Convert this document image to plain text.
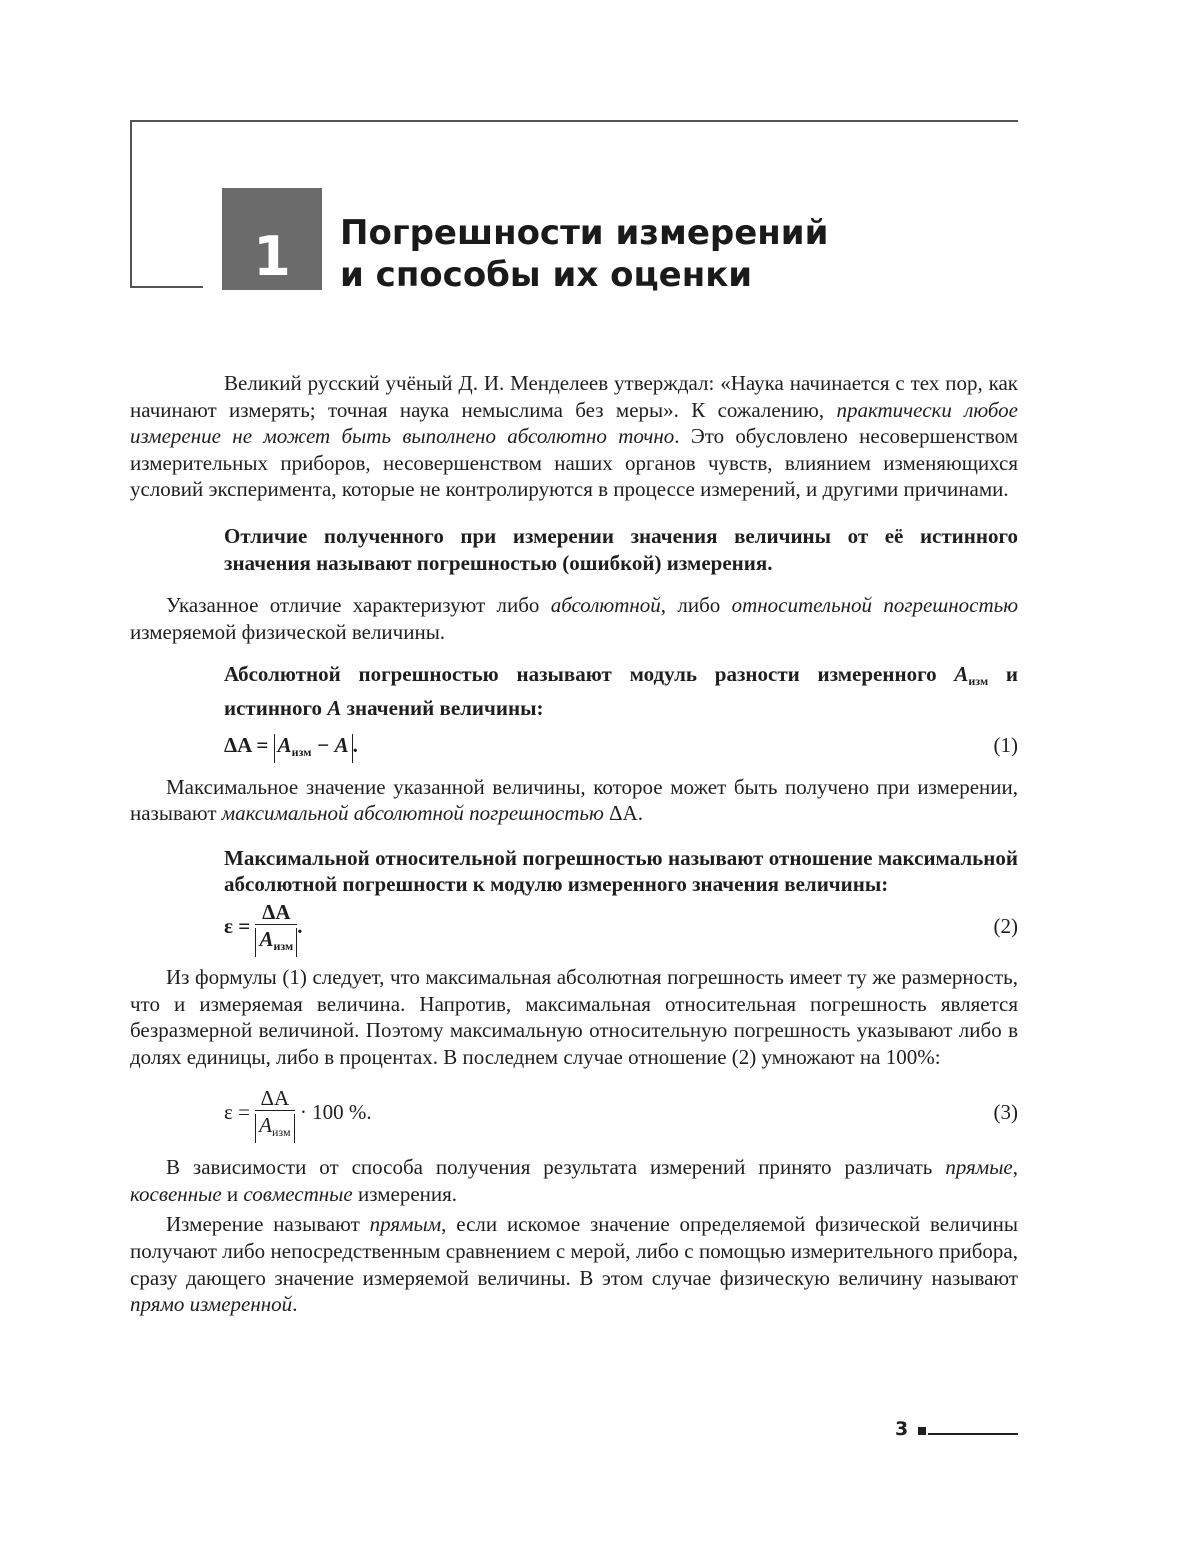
1 Погрешности измерений
и способы их оценки

Великий русский учёный Д. И. Менделеев утверждал: «Наука начинается с тех пор, как начинают измерять; точная наука немыслима без меры». К сожалению, практически любое измерение не может быть выполнено абсолютно точно. Это обусловлено несовершенством измерительных приборов, несовершенством наших органов чувств, влиянием изменяющихся условий эксперимента, которые не контролируются в процессе измерений, и другими причинами.

Отличие полученного при измерении значения величины от её истинного значения называют погрешностью (ошибкой) измерения.

Указанное отличие характеризуют либо абсолютной, либо относительной погрешностью измеряемой физической величины.

Абсолютной погрешностью называют модуль разности измеренного $A_{изм}$ и истинного A значений величины:

$\Delta A = A_{изм} - A$ .	(1)

Максимальное значение указанной величины, которое может быть получено при измерении, называют максимальной абсолютной погрешностью ΔA.

Максимальной относительной погрешностью называют отношение максимальной абсолютной погрешности к модулю измеренного значения величины:

$\varepsilon = \frac{\Delta A}{A_{изм}}$ .	(2)

Из формулы (1) следует, что максимальная абсолютная погрешность имеет ту же размерность, что и измеряемая величина. Напротив, максимальная относительная погрешность является безразмерной величиной. Поэтому максимальную относительную погрешность указывают либо в долях единицы, либо в процентах. В последнем случае отношение (2) умножают на 100%:

$\varepsilon = \frac{\Delta A}{A_{изм}} \cdot 100$ %.	(3)

В зависимости от способа получения результата измерений принято различать прямые, косвенные и совместные измерения.

Измерение называют прямым, если искомое значение определяемой физической величины получают либо непосредственным сравнением с мерой, либо с помощью измерительного прибора, сразу дающего значение измеряемой величины. В этом случае физическую величину называют прямо измеренной.

3
